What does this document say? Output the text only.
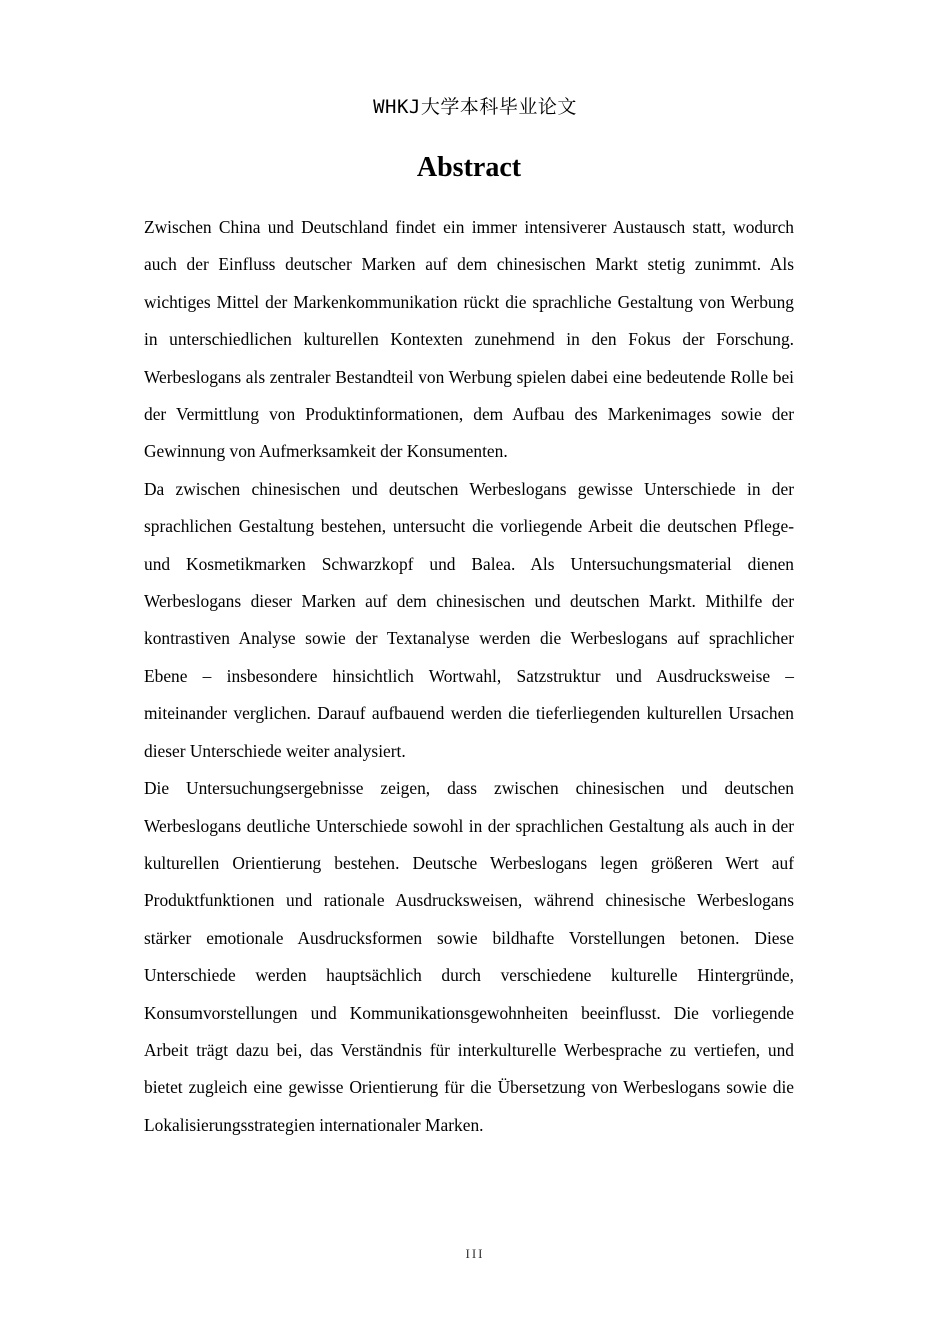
WHKJ大学本科毕业论文
Abstract

Zwischen China und Deutschland findet ein immer intensiverer Austausch statt, wodurch auch der Einfluss deutscher Marken auf dem chinesischen Markt stetig zunimmt. Als wichtiges Mittel der Markenkommunikation rückt die sprachliche Gestaltung von Werbung in unterschiedlichen kulturellen Kontexten zunehmend in den Fokus der Forschung. Werbeslogans als zentraler Bestandteil von Werbung spielen dabei eine bedeutende Rolle bei der Vermittlung von Produktinformationen, dem Aufbau des Markenimages sowie der Gewinnung von Aufmerksamkeit der Konsumenten.

Da zwischen chinesischen und deutschen Werbeslogans gewisse Unterschiede in der sprachlichen Gestaltung bestehen, untersucht die vorliegende Arbeit die deutschen Pflege- und Kosmetikmarken Schwarzkopf und Balea. Als Untersuchungsmaterial dienen Werbeslogans dieser Marken auf dem chinesischen und deutschen Markt. Mithilfe der kontrastiven Analyse sowie der Textanalyse werden die Werbeslogans auf sprachlicher Ebene – insbesondere hinsichtlich Wortwahl, Satzstruktur und Ausdrucksweise – miteinander verglichen. Darauf aufbauend werden die tieferliegenden kulturellen Ursachen dieser Unterschiede weiter analysiert.

Die Untersuchungsergebnisse zeigen, dass zwischen chinesischen und deutschen Werbeslogans deutliche Unterschiede sowohl in der sprachlichen Gestaltung als auch in der kulturellen Orientierung bestehen. Deutsche Werbeslogans legen größeren Wert auf Produktfunktionen und rationale Ausdrucksweisen, während chinesische Werbeslogans stärker emotionale Ausdrucksformen sowie bildhafte Vorstellungen betonen. Diese Unterschiede werden hauptsächlich durch verschiedene kulturelle Hintergründe, Konsumvorstellungen und Kommunikationsgewohnheiten beeinflusst. Die vorliegende Arbeit trägt dazu bei, das Verständnis für interkulturelle Werbesprache zu vertiefen, und bietet zugleich eine gewisse Orientierung für die Übersetzung von Werbeslogans sowie die Lokalisierungsstrategien internationaler Marken.

III
